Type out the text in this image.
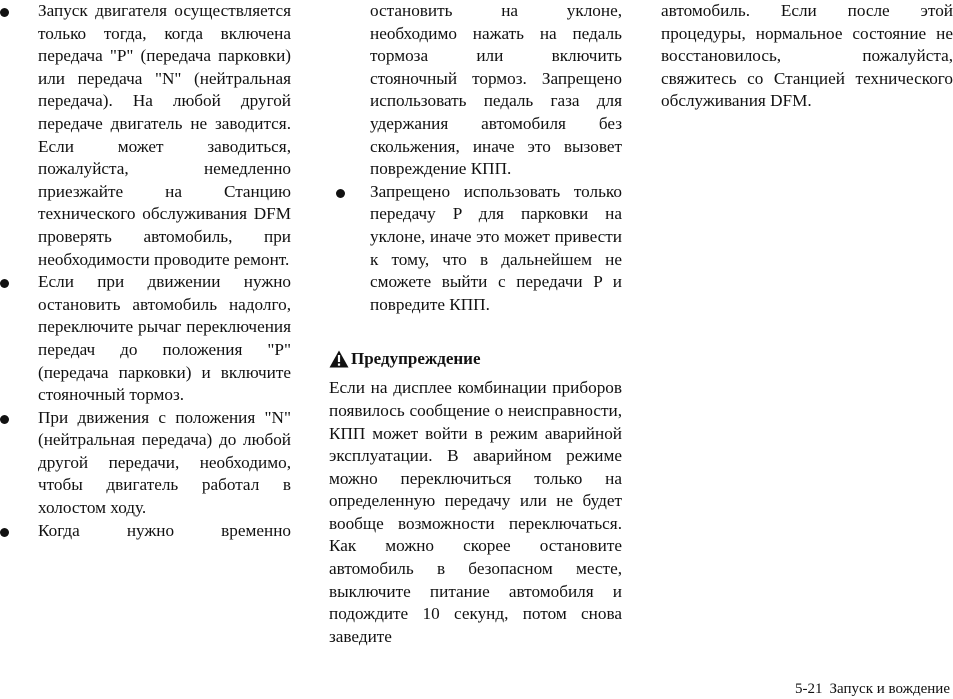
Запуск двигателя осуществляется только тогда, когда включена передача "P" (передача парковки) или передача "N" (нейтральная передача). На любой другой передаче двигатель не заводится. Если может заводиться, пожалуйста, немедленно приезжайте на Станцию технического обслуживания DFM проверять автомобиль, при необходимости проводите ремонт.
Если при движении нужно остановить автомобиль надолго, переключите рычаг переключения передач до положения "P" (передача парковки) и включите стояночный тормоз.
При движения с положения "N" (нейтральная передача) до любой другой передачи, необходимо, чтобы двигатель работал в холостом ходу.
Когда нужно временно
остановить на уклоне, необходимо нажать на педаль тормоза или включить стояночный тормоз. Запрещено использовать педаль газа для удержания автомобиля без скольжения, иначе это вызовет повреждение КПП.
Запрещено использовать только передачу P для парковки на уклоне, иначе это может привести к тому, что в дальнейшем не сможете выйти с передачи P и повредите КПП.
Предупреждение
Если на дисплее комбинации приборов появилось сообщение о неисправности, КПП может войти в режим аварийной эксплуатации. В аварийном режиме можно переключиться только на определенную передачу или не будет вообще возможности переключаться. Как можно скорее остановите автомобиль в безопасном месте, выключите питание автомобиля и подождите 10 секунд, потом снова заведите
автомобиль. Если после этой процедуры, нормальное состояние не восстановилось, пожалуйста, свяжитесь со Станцией технического обслуживания DFM.
5-21 Запуск и вождение
